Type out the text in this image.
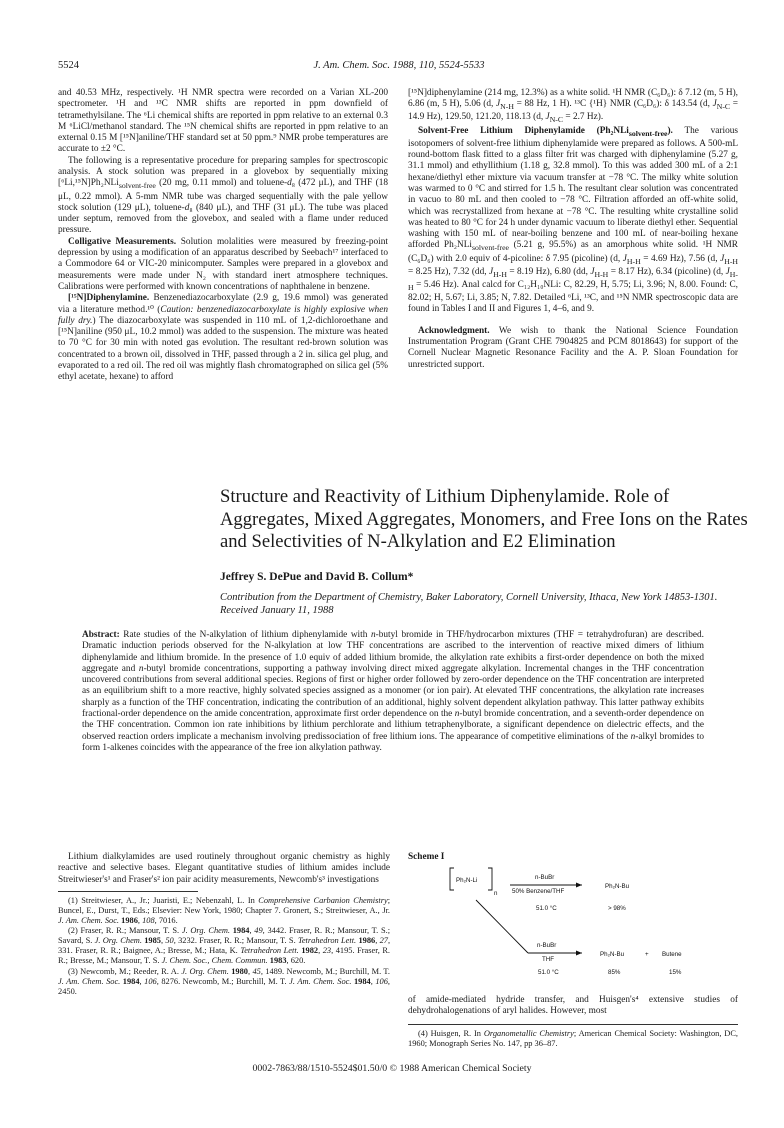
5524	J. Am. Chem. Soc. 1988, 110, 5524-5533

and 40.53 MHz, respectively. ¹H NMR spectra were recorded on a Varian XL-200 spectrometer. ¹H and ¹³C NMR shifts are reported in ppm downfield of tetramethylsilane. The ⁶Li chemical shifts are reported in ppm relative to an external 0.3 M ⁶LiCl/methanol standard. The ¹⁵N chemical shifts are reported in ppm relative to an external 0.15 M [¹⁵N]aniline/THF standard set at 50 ppm.⁹ NMR probe temperatures are accurate to ±2 °C.

The following is a representative procedure for preparing samples for spectroscopic analysis. A stock solution was prepared in a glovebox by sequentially mixing [⁶Li,¹⁵N]Ph₂NLi$_{solvent-free}$ (20 mg, 0.11 mmol) and toluene-d₈ (472 μL), and THF (18 μL, 0.22 mmol). A 5-mm NMR tube was charged sequentially with the pale yellow stock solution (129 μL), toluene-d₈ (840 μL), and THF (31 μL). The tube was placed under septum, removed from the glovebox, and sealed with a flame under reduced pressure.

Colligative Measurements. Solution molalities were measured by freezing-point depression by using a modification of an apparatus described by Seebach¹⁷ interfaced to a Commodore 64 or VIC-20 minicomputer. Samples were prepared in a glovebox and measurements were made under N₂ with standard inert atmosphere techniques. Calibrations were performed with known concentrations of naphthalene in benzene.

[¹⁵N]Diphenylamine. Benzenediazocarboxylate (2.9 g, 19.6 mmol) was generated via a literature method.¹⁰ (Caution: benzenediazocarboxylate is highly explosive when fully dry.) The diazocarboxylate was suspended in 110 mL of 1,2-dichloroethane and [¹⁵N]aniline (950 μL, 10.2 mmol) was added to the suspension. The mixture was heated to 70 °C for 30 min with noted gas evolution. The resultant red-brown solution was concentrated to a brown oil, dissolved in THF, passed through a 2 in. silica gel plug, and evaporated to a red oil. The red oil was mightly flash chromatographed on silica gel (5% ethyl acetate, hexane) to afford

[¹⁵N]diphenylamine (214 mg, 12.3%) as a white solid. ¹H NMR (C₆D₆): δ 7.12 (m, 5 H), 6.86 (m, 5 H), 5.06 (d, $J_{N-H} = 88$ Hz, 1 H). ¹³C {¹H} NMR (C₆D₆): δ 143.54 (d, $J_{N-C} = 14.9$ Hz), 129.50, 121.20, 118.13 (d, $J_{N-C} = 2.7$ Hz).

Solvent-Free Lithium Diphenylamide (Ph₂NLi$_{solvent-free}$). The various isotopomers of solvent-free lithium diphenylamide were prepared as follows. A 500-mL round-bottom flask fitted to a glass filter frit was charged with diphenylamine (5.27 g, 31.1 mmol) and ethyllithium (1.18 g, 32.8 mmol). To this was added 300 mL of a 2:1 hexane/diethyl ether mixture via vacuum transfer at −78 °C. The milky white solution was warmed to 0 °C and stirred for 1.5 h. The resultant clear solution was concentrated in vacuo to 80 mL and then cooled to −78 °C. Filtration afforded an off-white solid, which was recrystallized from hexane at −78 °C. The resulting white crystalline solid was heated to 80 °C for 24 h under dynamic vacuum to liberate diethyl ether. Sequential washing with 150 mL of near-boiling benzene and 100 mL of near-boiling hexane afforded Ph₂NLi$_{solvent-free}$ (5.21 g, 95.5%) as an amorphous white solid. ¹H NMR (C₆D₆) with 2.0 equiv of 4-picoline: δ 7.95 (picoline) (d, $J_{H-H} = 4.69$ Hz), 7.56 (d, $J_{H-H} = 8.25$ Hz), 7.32 (dd, $J_{H-H} = 8.19$ Hz), 6.80 (dd, $J_{H-H} = 8.17$ Hz), 6.34 (picoline) (d, $J_{H-H} = 5.46$ Hz). Anal calcd for C₁₂H₁₀NLi: C, 82.29, H, 5.75; Li, 3.96; N, 8.00. Found: C, 82.02; H, 5.67; Li, 3.85; N, 7.82. Detailed ⁶Li, ¹³C, and ¹⁵N NMR spectroscopic data are found in Tables I and II and Figures 1, 4–6, and 9.

Acknowledgment. We wish to thank the National Science Foundation Instrumentation Program (Grant CHE 7904825 and PCM 8018643) for support of the Cornell Nuclear Magnetic Resonance Facility and the A. P. Sloan Foundation for unrestricted support.

Structure and Reactivity of Lithium Diphenylamide. Role of Aggregates, Mixed Aggregates, Monomers, and Free Ions on the Rates and Selectivities of N-Alkylation and E2 Elimination
Jeffrey S. DePue and David B. Collum*
Contribution from the Department of Chemistry, Baker Laboratory, Cornell University, Ithaca, New York 14853-1301. Received January 11, 1988
Abstract: Rate studies of the N-alkylation of lithium diphenylamide with n-butyl bromide in THF/hydrocarbon mixtures (THF = tetrahydrofuran) are described. Dramatic induction periods observed for the N-alkylation at low THF concentrations are ascribed to the intervention of reactive mixed dimers of lithium diphenylamide and lithium bromide. In the presence of 1.0 equiv of added lithium bromide, the alkylation rate exhibits a first-order dependence on both the mixed aggregate and n-butyl bromide concentrations, supporting a pathway involving direct mixed aggregate alkylation. Incremental changes in the THF concentration uncovered contributions from several additional species. Regions of first or higher order followed by zero-order dependence on the THF concentration are interpreted as an equilibrium shift to a more reactive, highly solvated species assigned as a monomer (or ion pair). At elevated THF concentrations, the alkylation rate increases sharply as a function of the THF concentration, indicating the contribution of an additional, highly solvent dependent alkylation pathway. This latter pathway exhibits fractional-order dependence on the amide concentration, approximate first order dependence on the n-butyl bromide concentration, and a seventh-order dependence on the THF concentration. Common ion rate inhibitions by lithium perchlorate and lithium tetraphenylborate, a significant dependence on dielectric effects, and the observed reaction orders implicate a mechanism involving predissociation of free lithium ions. The appearance of competitive eliminations of the n-alkyl bromides to form 1-alkenes coincides with the appearance of the free ion alkylation pathway.

Lithium dialkylamides are used routinely throughout organic chemistry as highly reactive and selective bases. Elegant quantitative studies of lithium amides include Streitwieser's¹ and Fraser's² ion pair acidity measurements, Newcomb's³ investigations

(1) Streitwieser, A., Jr.; Juaristi, E.; Nebenzahl, L. In Comprehensive Carbanion Chemistry; Buncel, E., Durst, T., Eds.; Elsevier: New York, 1980; Chapter 7. Gronert, S.; Streitwieser, A., Jr. J. Am. Chem. Soc. 1986, 108, 7016.

(2) Fraser, R. R.; Mansour, T. S. J. Org. Chem. 1984, 49, 3442. Fraser, R. R.; Mansour, T. S.; Savard, S. J. Org. Chem. 1985, 50, 3232. Fraser, R. R.; Mansour, T. S. Tetrahedron Lett. 1986, 27, 331. Fraser, R. R.; Baignee, A.; Bresse, M.; Hata, K. Tetrahedron Lett. 1982, 23, 4195. Fraser, R. R.; Bresse, M.; Mansour, T. S. J. Chem. Soc., Chem. Commun. 1983, 620.

(3) Newcomb, M.; Reeder, R. A. J. Org. Chem. 1980, 45, 1489. Newcomb, M.; Burchill, M. T. J. Am. Chem. Soc. 1984, 106, 8276. Newcomb, M.; Burchill, M. T. J. Am. Chem. Soc. 1984, 106, 2450.

Scheme I
Ph₂N-Li
n
n-BuBr
50% Benzene/THF
51.0 °C
Ph₂N-Bu
> 98%
n-BuBr
THF
51.0 °C
Ph₂N-Bu	+ Butene
85%	15%

of amide-mediated hydride transfer, and Huisgen's⁴ extensive studies of dehydrohalogenations of aryl halides. However, most

(4) Huisgen, R. In Organometallic Chemistry; American Chemical Society: Washington, DC, 1960; Monograph Series No. 147, pp 36–87.

0002-7863/88/1510-5524$01.50/0 © 1988 American Chemical Society
